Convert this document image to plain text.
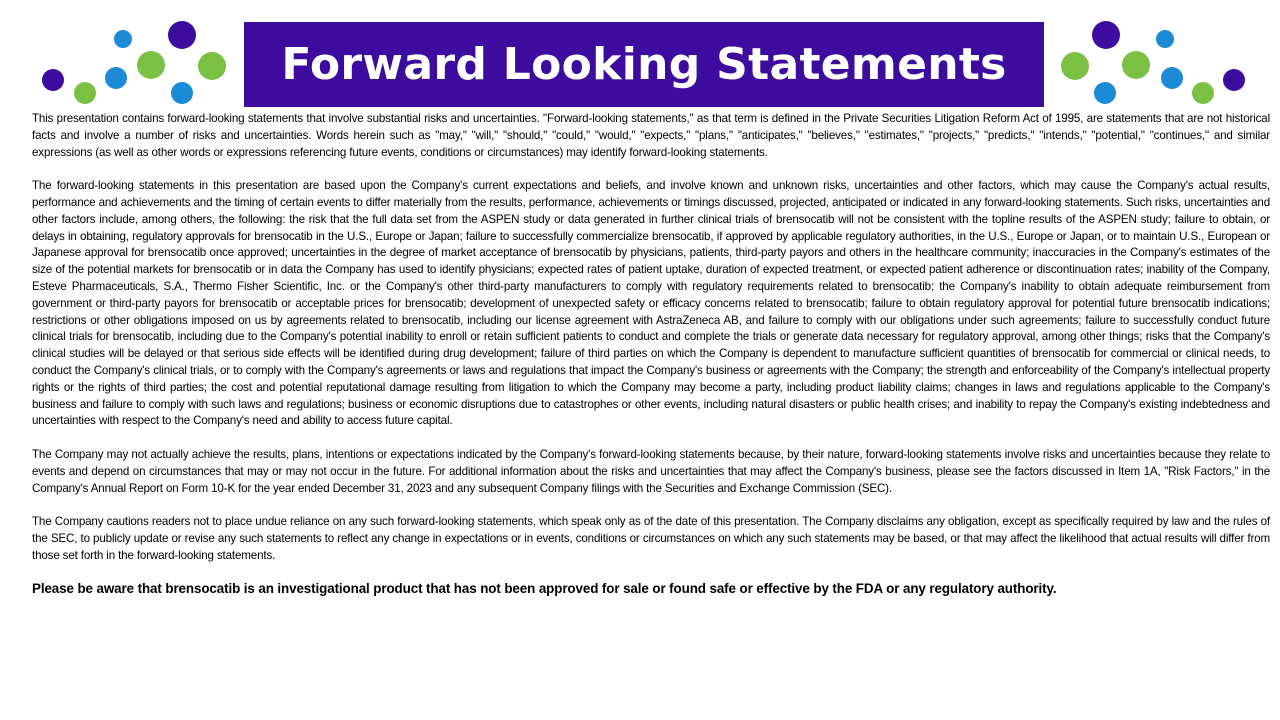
Forward Looking Statements

This presentation contains forward-looking statements that involve substantial risks and uncertainties. "Forward-looking statements," as that term is defined in the Private Securities Litigation Reform Act of 1995, are statements that are not historical facts and involve a number of risks and uncertainties. Words herein such as "may," "will," "should," "could," "would," "expects," "plans," "anticipates," "believes," "estimates," "projects," "predicts," "intends," "potential," "continues," and similar expressions (as well as other words or expressions referencing future events, conditions or circumstances) may identify forward-looking statements.

The forward-looking statements in this presentation are based upon the Company's current expectations and beliefs, and involve known and unknown risks, uncertainties and other factors, which may cause the Company's actual results, performance and achievements and the timing of certain events to differ materially from the results, performance, achievements or timings discussed, projected, anticipated or indicated in any forward-looking statements. Such risks, uncertainties and other factors include, among others, the following: the risk that the full data set from the ASPEN study or data generated in further clinical trials of brensocatib will not be consistent with the topline results of the ASPEN study; failure to obtain, or delays in obtaining, regulatory approvals for brensocatib in the U.S., Europe or Japan; failure to successfully commercialize brensocatib, if approved by applicable regulatory authorities, in the U.S., Europe or Japan, or to maintain U.S., European or Japanese approval for brensocatib once approved; uncertainties in the degree of market acceptance of brensocatib by physicians, patients, third-party payors and others in the healthcare community; inaccuracies in the Company's estimates of the size of the potential markets for brensocatib or in data the Company has used to identify physicians; expected rates of patient uptake, duration of expected treatment, or expected patient adherence or discontinuation rates; inability of the Company, Esteve Pharmaceuticals, S.A., Thermo Fisher Scientific, Inc. or the Company's other third-party manufacturers to comply with regulatory requirements related to brensocatib; the Company's inability to obtain adequate reimbursement from government or third-party payors for brensocatib or acceptable prices for brensocatib; development of unexpected safety or efficacy concerns related to brensocatib; failure to obtain regulatory approval for potential future brensocatib indications; restrictions or other obligations imposed on us by agreements related to brensocatib, including our license agreement with AstraZeneca AB, and failure to comply with our obligations under such agreements; failure to successfully conduct future clinical trials for brensocatib, including due to the Company's potential inability to enroll or retain sufficient patients to conduct and complete the trials or generate data necessary for regulatory approval, among other things; risks that the Company's clinical studies will be delayed or that serious side effects will be identified during drug development; failure of third parties on which the Company is dependent to manufacture sufficient quantities of brensocatib for commercial or clinical needs, to conduct the Company's clinical trials, or to comply with the Company's agreements or laws and regulations that impact the Company's business or agreements with the Company; the strength and enforceability of the Company's intellectual property rights or the rights of third parties; the cost and potential reputational damage resulting from litigation to which the Company may become a party, including product liability claims; changes in laws and regulations applicable to the Company's business and failure to comply with such laws and regulations; business or economic disruptions due to catastrophes or other events, including natural disasters or public health crises; and inability to repay the Company's existing indebtedness and uncertainties with respect to the Company's need and ability to access future capital.

The Company may not actually achieve the results, plans, intentions or expectations indicated by the Company's forward-looking statements because, by their nature, forward-looking statements involve risks and uncertainties because they relate to events and depend on circumstances that may or may not occur in the future. For additional information about the risks and uncertainties that may affect the Company's business, please see the factors discussed in Item 1A, "Risk Factors," in the Company's Annual Report on Form 10-K for the year ended December 31, 2023 and any subsequent Company filings with the Securities and Exchange Commission (SEC).

The Company cautions readers not to place undue reliance on any such forward-looking statements, which speak only as of the date of this presentation. The Company disclaims any obligation, except as specifically required by law and the rules of the SEC, to publicly update or revise any such statements to reflect any change in expectations or in events, conditions or circumstances on which any such statements may be based, or that may affect the likelihood that actual results will differ from those set forth in the forward-looking statements.

Please be aware that brensocatib is an investigational product that has not been approved for sale or found safe or effective by the FDA or any regulatory authority.
